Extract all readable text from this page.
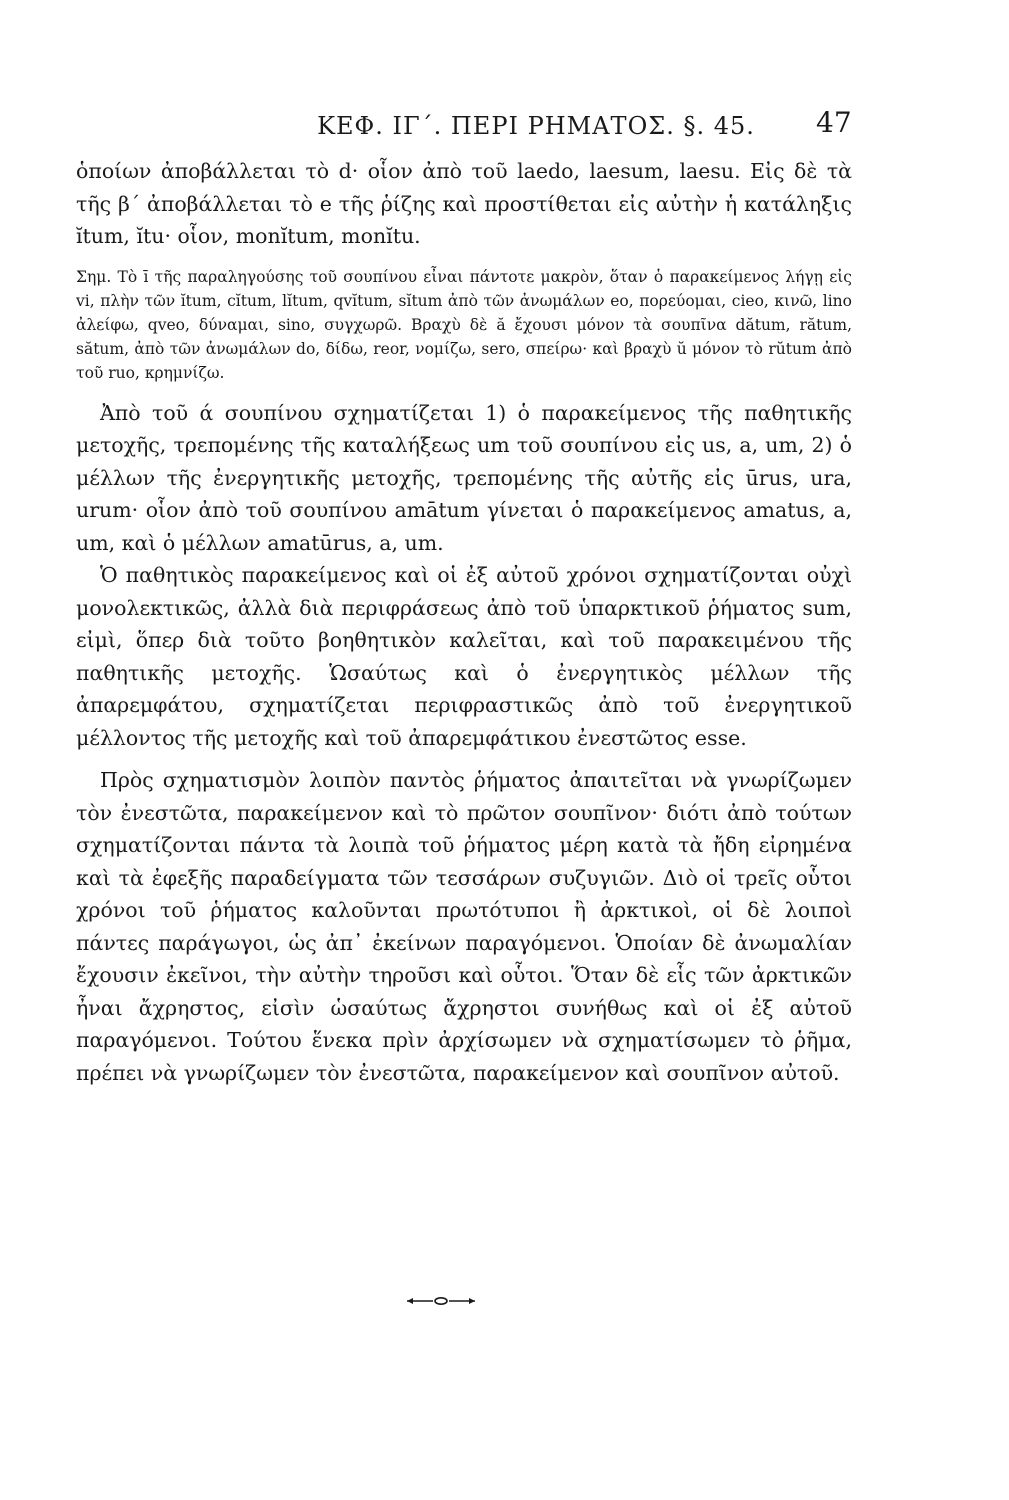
ΚΕΦ. ΙΓ΄. ΠΕΡΙ ΡΗΜΑΤΟΣ. §. 45.	47

ὁποίων ἀποβάλλεται τὸ d· οἷον ἀπὸ τοῦ laedo, laesum, laesu. Εἰς δὲ τὰ τῆς β΄ ἀποβάλλεται τὸ e τῆς ῥίζης καὶ προστίθεται εἰς αὐτὴν ἡ κατάληξις ĭtum, ĭtu· οἷον, monĭtum, monĭtu.

Σημ. Τὸ ī τῆς παραληγούσης τοῦ σουπίνου εἶναι πάντοτε μακρὸν, ὅταν ὁ παρακείμενος λήγῃ εἰς vi, πλὴν τῶν ĭtum, cĭtum, lĭtum, qvĭtum, sĭtum ἀπὸ τῶν ἀνωμάλων eo, πορεύομαι, cieo, κινῶ, lino ἀλείφω, qveo, δύναμαι, sino, συγχωρῶ. Βραχὺ δὲ ă ἔχουσι μόνον τὰ σουπῖνα dătum, rătum, sătum, ἀπὸ τῶν ἀνωμάλων do, δίδω, reor, νομίζω, sero, σπείρω· καὶ βραχὺ ŭ μόνον τὸ rŭtum ἀπὸ τοῦ ruo, κρημνίζω.

Ἀπὸ τοῦ ά σουπίνου σχηματίζεται 1) ὁ παρακείμενος τῆς παθητικῆς μετοχῆς, τρεπομένης τῆς καταλήξεως um τοῦ σουπίνου εἰς us, a, um, 2) ὁ μέλλων τῆς ἐνεργητικῆς μετοχῆς, τρεπομένης τῆς αὐτῆς εἰς ūrus, ura, urum· οἷον ἀπὸ τοῦ σουπίνου amātum γίνεται ὁ παρακείμενος amatus, a, um, καὶ ὁ μέλλων amatūrus, a, um.

Ὁ παθητικὸς παρακείμενος καὶ οἱ ἐξ αὐτοῦ χρόνοι σχηματίζονται οὐχὶ μονολεκτικῶς, ἀλλὰ διὰ περιφράσεως ἀπὸ τοῦ ὑπαρκτικοῦ ῥήματος sum, εἰμὶ, ὅπερ διὰ τοῦτο βοηθητικὸν καλεῖται, καὶ τοῦ παρακειμένου τῆς παθητικῆς μετοχῆς. Ὡσαύτως καὶ ὁ ἐνεργητικὸς μέλλων τῆς ἀπαρεμφάτου, σχηματίζεται περιφραστικῶς ἀπὸ τοῦ ἐνεργητικοῦ μέλλοντος τῆς μετοχῆς καὶ τοῦ ἀπαρεμφάτικου ἐνεστῶτος esse.

Πρὸς σχηματισμὸν λοιπὸν παντὸς ῥήματος ἀπαιτεῖται νὰ γνωρίζωμεν τὸν ἐνεστῶτα, παρακείμενον καὶ τὸ πρῶτον σουπῖνον· διότι ἀπὸ τούτων σχηματίζονται πάντα τὰ λοιπὰ τοῦ ῥήματος μέρη κατὰ τὰ ἤδη εἰρημένα καὶ τὰ ἐφεξῆς παραδείγματα τῶν τεσσάρων συζυγιῶν. Διὸ οἱ τρεῖς οὗτοι χρόνοι τοῦ ῥήματος καλοῦνται πρωτότυποι ἢ ἀρκτικοὶ, οἱ δὲ λοιποὶ πάντες παράγωγοι, ὡς ἀπ᾽ ἐκείνων παραγόμενοι. Ὁποίαν δὲ ἀνωμαλίαν ἔχουσιν ἐκεῖνοι, τὴν αὐτὴν τηροῦσι καὶ οὗτοι. Ὅταν δὲ εἷς τῶν ἀρκτικῶν ἦναι ἄχρηστος, εἰσὶν ὡσαύτως ἄχρηστοι συνήθως καὶ οἱ ἐξ αὐτοῦ παραγόμενοι. Τούτου ἕνεκα πρὶν ἀρχίσωμεν νὰ σχηματίσωμεν τὸ ῥῆμα, πρέπει νὰ γνωρίζωμεν τὸν ἐνεστῶτα, παρακείμενον καὶ σουπῖνον αὐτοῦ.
